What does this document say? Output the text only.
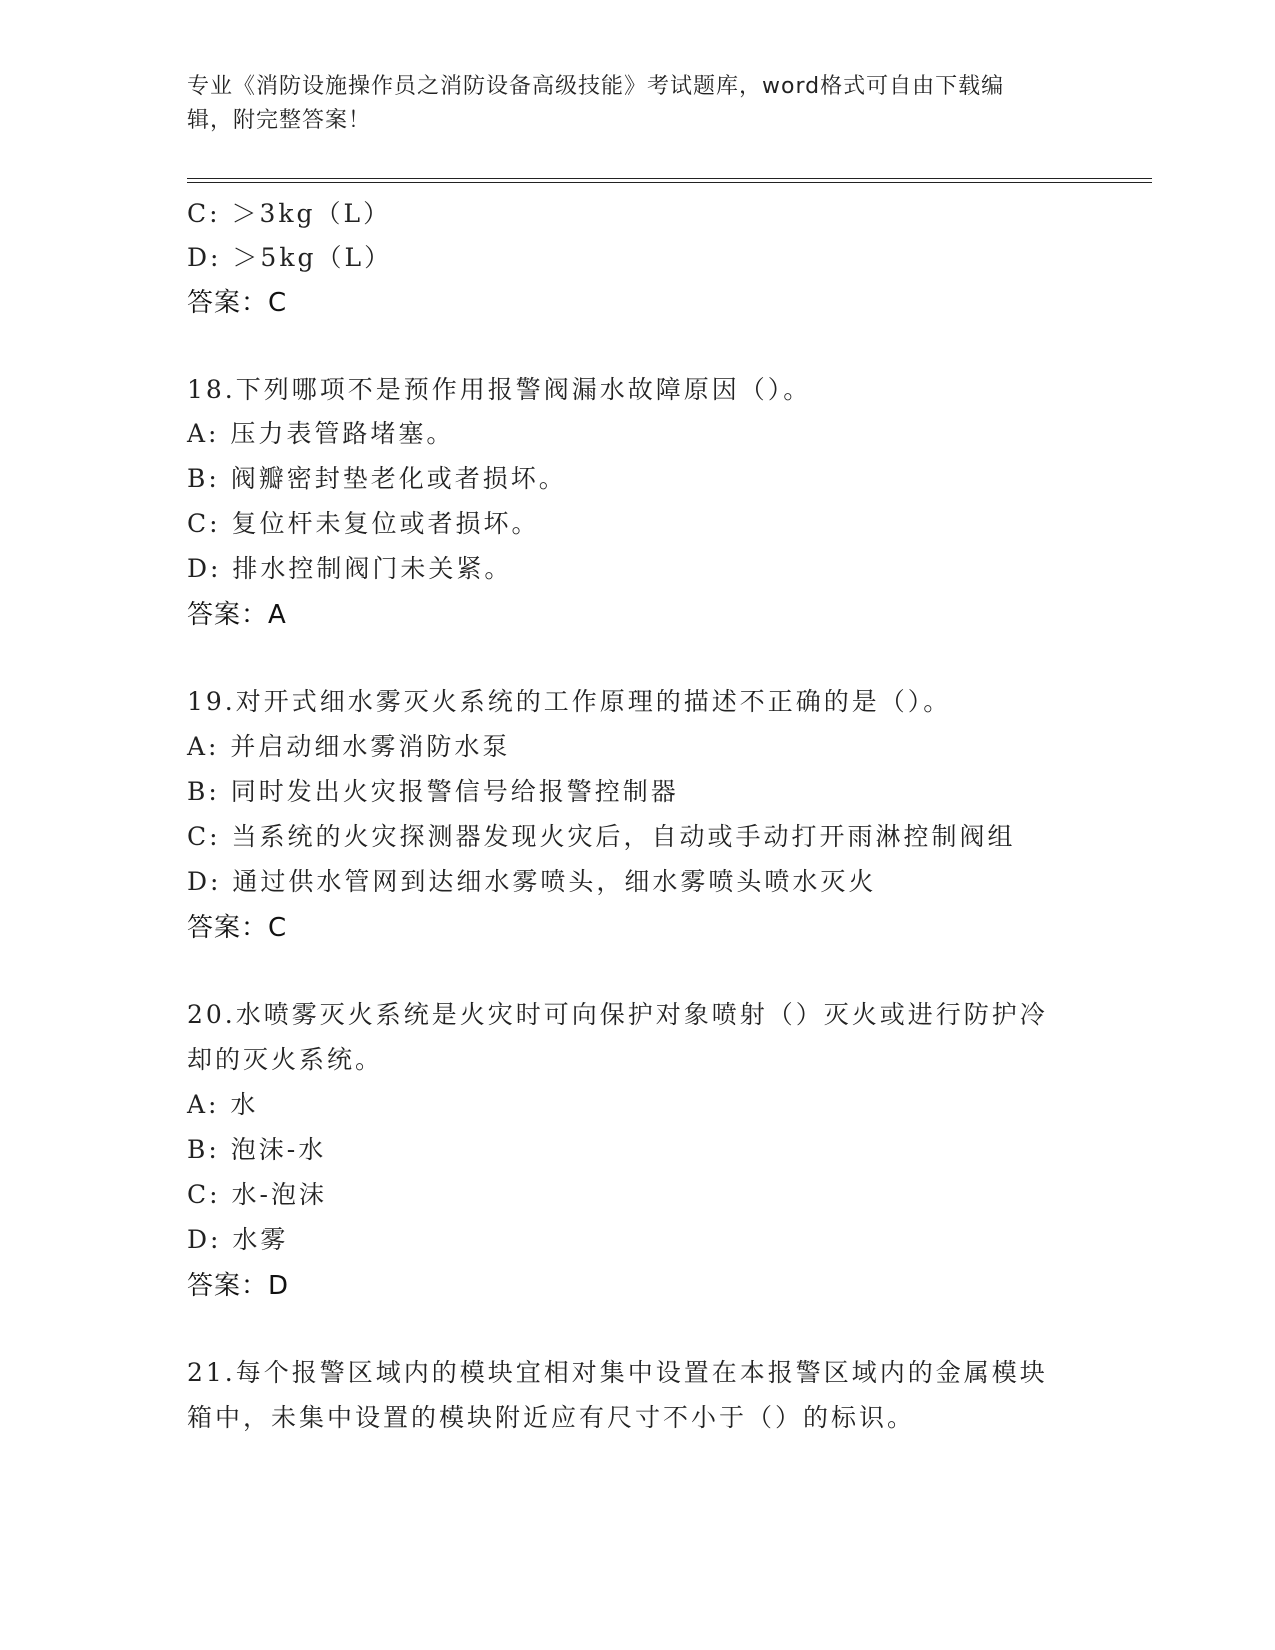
专业《消防设施操作员之消防设备高级技能》考试题库，word格式可自由下载编
辑，附完整答案！
C: ＞3kg（L）
D: ＞5kg（L）
答案：C
18.下列哪项不是预作用报警阀漏水故障原因（）。
A: 压力表管路堵塞。
B: 阀瓣密封垫老化或者损坏。
C: 复位杆未复位或者损坏。
D: 排水控制阀门未关紧。
答案：A
19.对开式细水雾灭火系统的工作原理的描述不正确的是（）。
A: 并启动细水雾消防水泵
B: 同时发出火灾报警信号给报警控制器
C: 当系统的火灾探测器发现火灾后，自动或手动打开雨淋控制阀组
D: 通过供水管网到达细水雾喷头，细水雾喷头喷水灭火
答案：C
20.水喷雾灭火系统是火灾时可向保护对象喷射（）灭火或进行防护冷
却的灭火系统。
A: 水
B: 泡沫-水
C: 水-泡沫
D: 水雾
答案：D
21.每个报警区域内的模块宜相对集中设置在本报警区域内的金属模块
箱中，未集中设置的模块附近应有尺寸不小于（）的标识。
